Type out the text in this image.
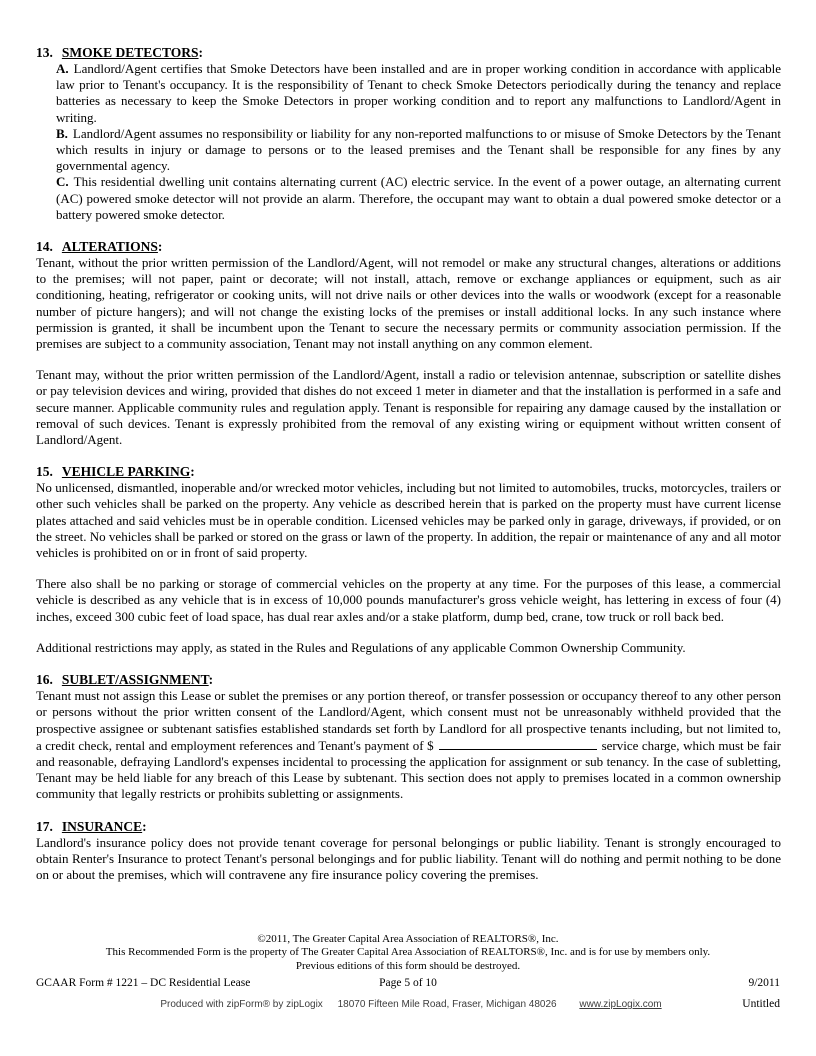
13. SMOKE DETECTORS:

A. Landlord/Agent certifies that Smoke Detectors have been installed and are in proper working condition in accordance with applicable law prior to Tenant's occupancy. It is the responsibility of Tenant to check Smoke Detectors periodically during the tenancy and replace batteries as necessary to keep the Smoke Detectors in proper working condition and to report any malfunctions to Landlord/Agent in writing.

B. Landlord/Agent assumes no responsibility or liability for any non-reported malfunctions to or misuse of Smoke Detectors by the Tenant which results in injury or damage to persons or to the leased premises and the Tenant shall be responsible for any fines by any governmental agency.

C. This residential dwelling unit contains alternating current (AC) electric service. In the event of a power outage, an alternating current (AC) powered smoke detector will not provide an alarm. Therefore, the occupant may want to obtain a dual powered smoke detector or a battery powered smoke detector.

14. ALTERATIONS:

Tenant, without the prior written permission of the Landlord/Agent, will not remodel or make any structural changes, alterations or additions to the premises; will not paper, paint or decorate; will not install, attach, remove or exchange appliances or equipment, such as air conditioning, heating, refrigerator or cooking units, will not drive nails or other devices into the walls or woodwork (except for a reasonable number of picture hangers); and will not change the existing locks of the premises or install additional locks. In any such instance where permission is granted, it shall be incumbent upon the Tenant to secure the necessary permits or community association permission. If the premises are subject to a community association, Tenant may not install anything on any common element.

Tenant may, without the prior written permission of the Landlord/Agent, install a radio or television antennae, subscription or satellite dishes or pay television devices and wiring, provided that dishes do not exceed 1 meter in diameter and that the installation is performed in a safe and secure manner. Applicable community rules and regulation apply. Tenant is responsible for repairing any damage caused by the installation or removal of such devices. Tenant is expressly prohibited from the removal of any existing wiring or equipment without written consent of Landlord/Agent.

15. VEHICLE PARKING:

No unlicensed, dismantled, inoperable and/or wrecked motor vehicles, including but not limited to automobiles, trucks, motorcycles, trailers or other such vehicles shall be parked on the property. Any vehicle as described herein that is parked on the property must have current license plates attached and said vehicles must be in operable condition. Licensed vehicles may be parked only in garage, driveways, if provided, or on the street. No vehicles shall be parked or stored on the grass or lawn of the property. In addition, the repair or maintenance of any and all motor vehicles is prohibited on or in front of said property.

There also shall be no parking or storage of commercial vehicles on the property at any time. For the purposes of this lease, a commercial vehicle is described as any vehicle that is in excess of 10,000 pounds manufacturer's gross vehicle weight, has lettering in excess of four (4) inches, exceed 300 cubic feet of load space, has dual rear axles and/or a stake platform, dump bed, crane, tow truck or roll back bed.

Additional restrictions may apply, as stated in the Rules and Regulations of any applicable Common Ownership Community.

16. SUBLET/ASSIGNMENT:

Tenant must not assign this Lease or sublet the premises or any portion thereof, or transfer possession or occupancy thereof to any other person or persons without the prior written consent of the Landlord/Agent, which consent must not be unreasonably withheld provided that the prospective assignee or subtenant satisfies established standards set forth by Landlord for all prospective tenants including, but not limited to, a credit check, rental and employment references and Tenant's payment of $	service charge, which must be fair and reasonable, defraying Landlord's expenses incidental to processing the application for assignment or sub tenancy. In the case of subletting, Tenant may be held liable for any breach of this Lease by subtenant. This section does not apply to premises located in a common ownership community that legally restricts or prohibits subletting or assignments.

17. INSURANCE:

Landlord's insurance policy does not provide tenant coverage for personal belongings or public liability. Tenant is strongly encouraged to obtain Renter's Insurance to protect Tenant's personal belongings and for public liability. Tenant will do nothing and permit nothing to be done on or about the premises, which will contravene any fire insurance policy covering the premises.

©2011, The Greater Capital Area Association of REALTORS®, Inc.
This Recommended Form is the property of The Greater Capital Area Association of REALTORS®, Inc. and is for use by members only.
Previous editions of this form should be destroyed.
GCAAR Form # 1221 – DC Residential Lease	Page 5 of 10	9/2011
Produced with zipForm® by zipLogix 18070 Fifteen Mile Road, Fraser, Michigan 48026 www.zipLogix.com	Untitled
